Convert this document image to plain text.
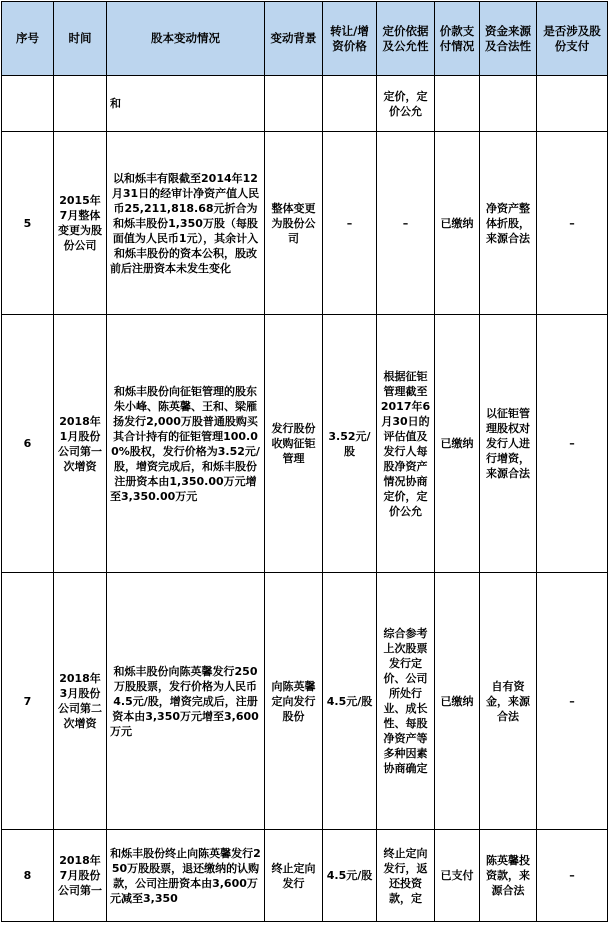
序号	时间	股本变动情况	变动背景	转让/增资价格	定价依据及公允性	价款支付情况	资金来源及合法性	是否涉及股份支付
		和			定价，定价公允			
5	2015年7月整体变更为股份公司	以和烁丰有限截至2014年12月31日的经审计净资产值人民币25,211,818.68元折合为和烁丰股份1,350万股（每股面值为人民币1元），其余计入和烁丰股份的资本公积，股改前后注册资本未发生变化	整体变更为股份公司	–	–	已缴纳	净资产整体折股，来源合法	–
6	2018年1月股份公司第一次增资	和烁丰股份向征钜管理的股东朱小峰、陈英馨、王和、梁雁扬发行2,000万股普通股购买其合计持有的征钜管理100.00%股权，发行价格为3.52元/股，增资完成后，和烁丰股份注册资本由1,350.00万元增至3,350.00万元	发行股份收购征钜管理	3.52元/股	根据征钜管理截至2017年6月30日的评估值及发行人每股净资产情况协商定价，定价公允	已缴纳	以征钜管理股权对发行人进行增资，来源合法	–
7	2018年3月股份公司第二次增资	和烁丰股份向陈英馨发行250万股股票，发行价格为人民币4.5元/股，增资完成后，注册资本由3,350万元增至3,600万元	向陈英馨定向发行股份	4.5元/股	综合参考上次股票发行定价、公司所处行业、成长性、每股净资产等多种因素协商确定	已缴纳	自有资金，来源合法	–
8	2018年7月股份公司第一	和烁丰股份终止向陈英馨发行250万股股票，退还缴纳的认购款，公司注册资本由3,600万元减至3,350	终止定向发行	4.5元/股	终止定向发行，返还投资款，定	已支付	陈英馨投资款，来源合法	–
